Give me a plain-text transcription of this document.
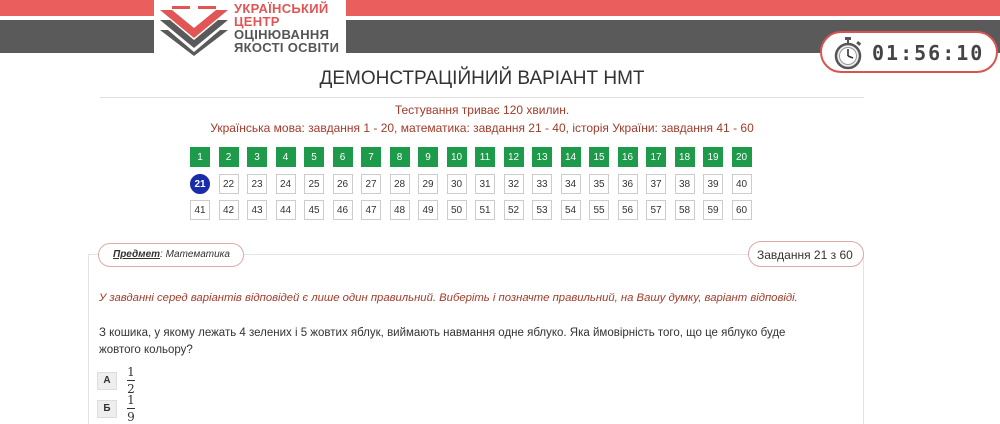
УКРАЇНСЬКИЙ
ЦЕНТР
ОЦІНЮВАННЯ
ЯКОСТІ ОСВІТИ	01:56:10
ДЕМОНСТРАЦІЙНИЙ ВАРІАНТ НМТ
Тестування триває 120 хвилин.
Українська мова: завдання 1 - 20, математика: завдання 21 - 40, історія України: завдання 41 - 60
1	2	3	4	5	6	7	8	9	10	11	12	13	14	15	16	17	18	19	20
21	22	23	24	25	26	27	28	29	30	31	32	33	34	35	36	37	38	39	40
41	42	43	44	45	46	47	48	49	50	51	52	53	54	55	56	57	58	59	60
Предмет: Математика	Завдання 21 з 60
У завданні серед варіантів відповідей є лише один правильний. Виберіть і позначте правильний, на Вашу думку, варіант відповіді.
З кошика, у якому лежать 4 зелених і 5 жовтих яблук, виймають навмання одне яблуко. Яка ймовірність того, що це яблуко буде жовтого кольору?
А	$\frac{1}{2}$
Б	$\frac{1}{9}$
